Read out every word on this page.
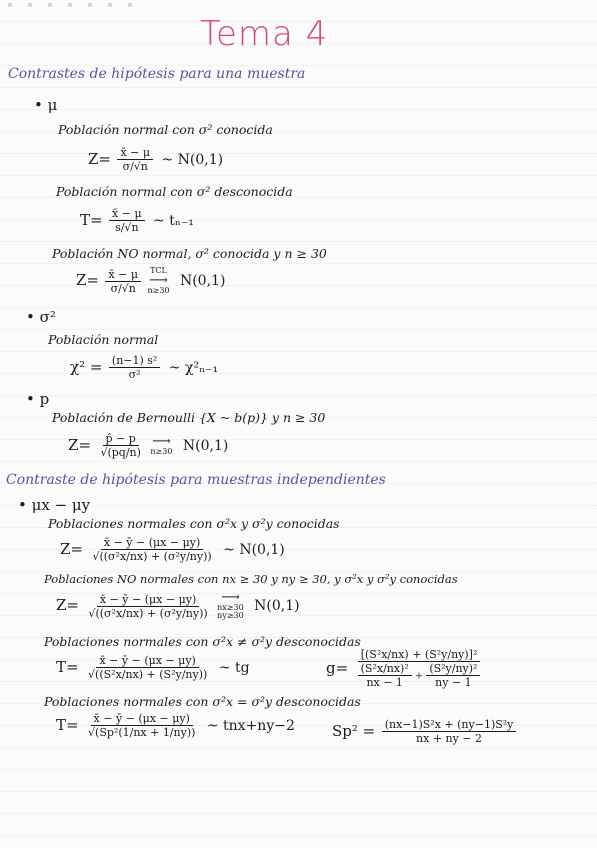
Tema 4
Contrastes de hipótesis para una muestra
• μ
Población normal con σ² conocida
$Z= \frac{x̄ - \mu}{\sigma/√n}$ ~ N(0,1)
Población normal con σ² desconocida
$T= \frac{x̄ - \mu}{s/√n}$ ~ tₙ₋₁
Población NO normal, σ² conocida y n ≥ 30
$Z= \frac{x̄ - \mu}{\sigma/√n}$
TCL
⟶
n≥30
N(0,1)
• σ²
Población normal
$\chi^2 = \frac{\text{(n−1) s²}}{\text{σ²}}$ ~ χ²ₙ₋₁
• p
Población de Bernoulli {X ~ b(p)} y n ≥ 30
$Z= \frac{p̂ - p}{√(pq/n)}$
⟶
n≥30 N(0,1)
Contraste de hipótesis para muestras independientes
• μx − μy
Poblaciones normales con σ²x y σ²y conocidas
$Z= \frac{x̄ - ȳ - (\mu x - \mu y)}{\text{√((σ²x/nx) + (σ²y/ny))}}$ ~ N(0,1)
Poblaciones NO normales con nx ≥ 30 y ny ≥ 30, y σ²x y σ²y conocidas
$Z= \frac{x̄ - ȳ - (\mu x - \mu y)}{\text{√((σ²x/nx) + (σ²y/ny))}}$
⟶
nx≥30
ny≥30
N(0,1)
Poblaciones normales con σ²x ≠ σ²y desconocidas
$T= \frac{x̄ - ȳ - (\mu x - \mu y)}{\text{√((S²x/nx) + (S²y/ny))}}$ ~ tg	g=
[(S²x/nx) + (S²y/ny)]²
$\frac{\text{(S²x/nx)²}}{nx - 1} + \frac{\text{(S²y/ny)²}}{ny - 1}$
Poblaciones normales con σ²x = σ²y desconocidas
$T= \frac{x̄ - ȳ - (\mu x - \mu y)}{\text{√(Sp²(1/nx + 1/ny))}}$ ~ tnx+ny−2 $Sp^2 = \frac{\text{(nx−1)S²x + (ny−1)S²y}}{nx + ny - 2}$
